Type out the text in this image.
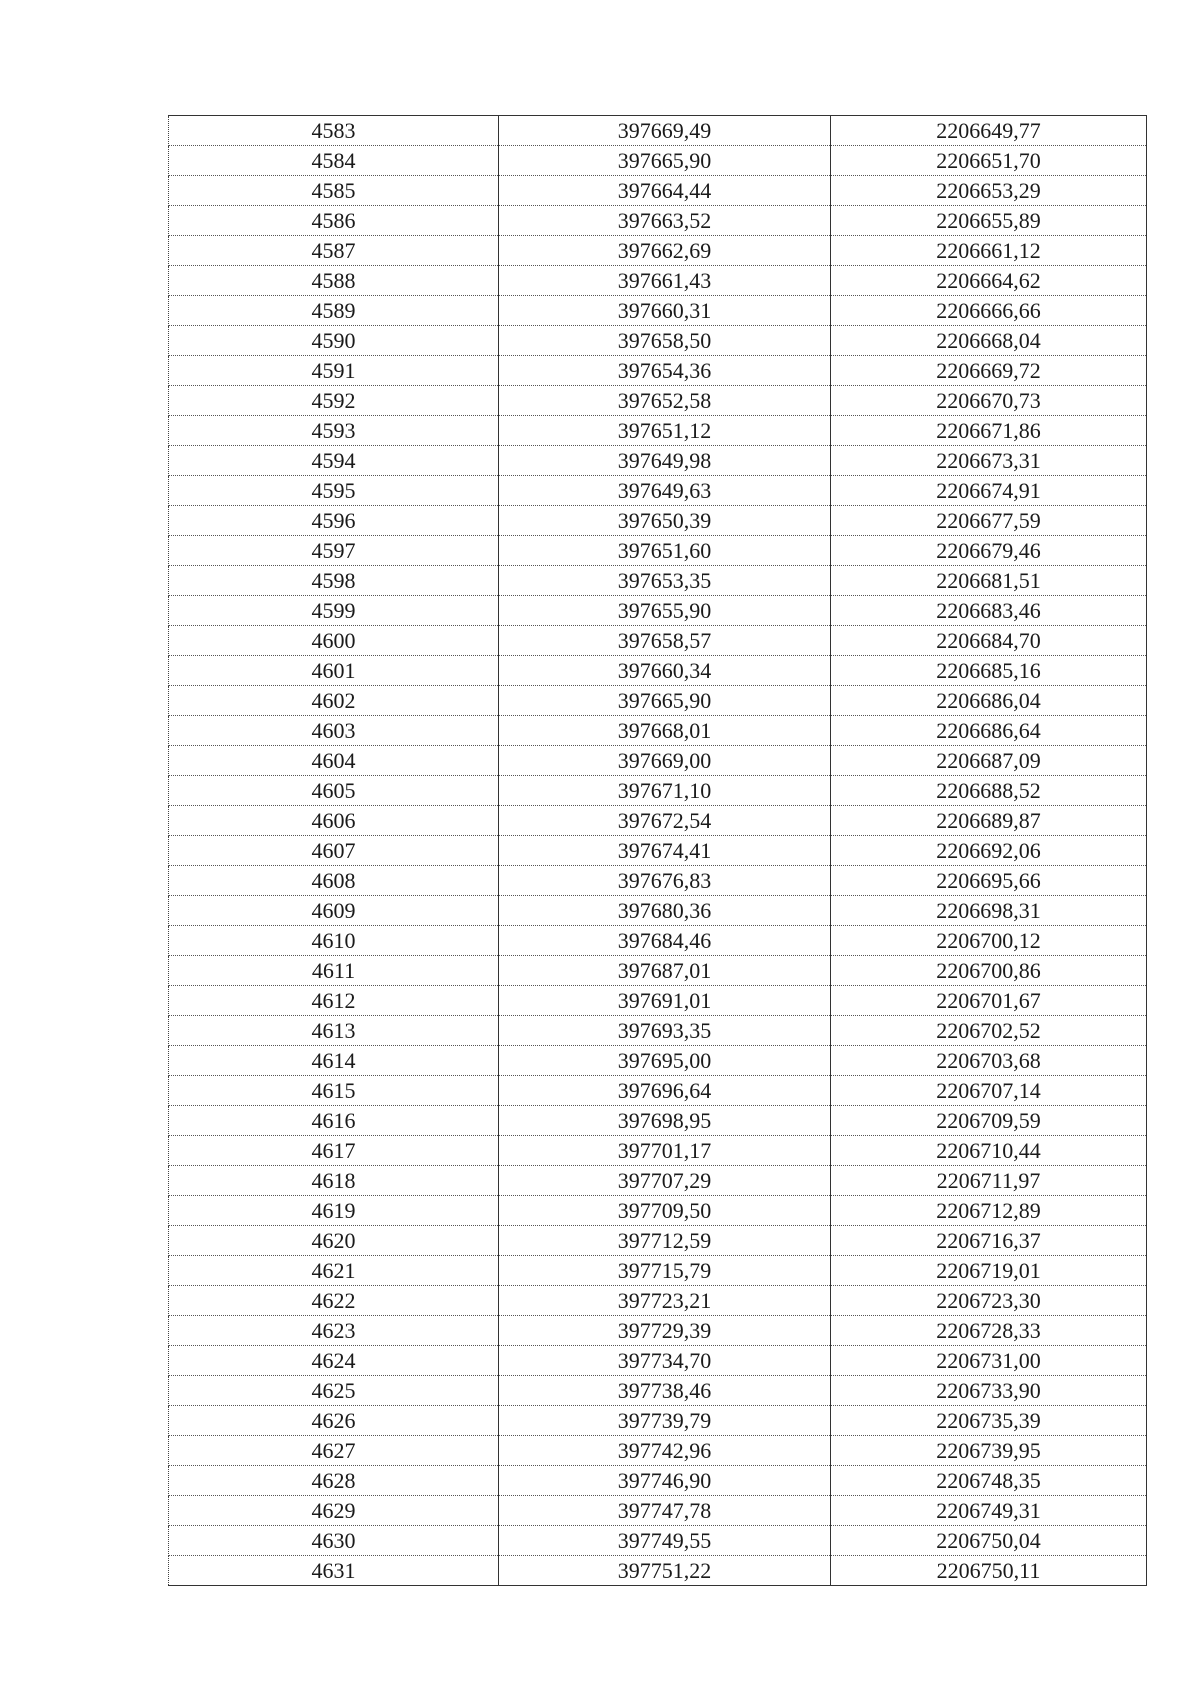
4583	397669,49	2206649,77
4584	397665,90	2206651,70
4585	397664,44	2206653,29
4586	397663,52	2206655,89
4587	397662,69	2206661,12
4588	397661,43	2206664,62
4589	397660,31	2206666,66
4590	397658,50	2206668,04
4591	397654,36	2206669,72
4592	397652,58	2206670,73
4593	397651,12	2206671,86
4594	397649,98	2206673,31
4595	397649,63	2206674,91
4596	397650,39	2206677,59
4597	397651,60	2206679,46
4598	397653,35	2206681,51
4599	397655,90	2206683,46
4600	397658,57	2206684,70
4601	397660,34	2206685,16
4602	397665,90	2206686,04
4603	397668,01	2206686,64
4604	397669,00	2206687,09
4605	397671,10	2206688,52
4606	397672,54	2206689,87
4607	397674,41	2206692,06
4608	397676,83	2206695,66
4609	397680,36	2206698,31
4610	397684,46	2206700,12
4611	397687,01	2206700,86
4612	397691,01	2206701,67
4613	397693,35	2206702,52
4614	397695,00	2206703,68
4615	397696,64	2206707,14
4616	397698,95	2206709,59
4617	397701,17	2206710,44
4618	397707,29	2206711,97
4619	397709,50	2206712,89
4620	397712,59	2206716,37
4621	397715,79	2206719,01
4622	397723,21	2206723,30
4623	397729,39	2206728,33
4624	397734,70	2206731,00
4625	397738,46	2206733,90
4626	397739,79	2206735,39
4627	397742,96	2206739,95
4628	397746,90	2206748,35
4629	397747,78	2206749,31
4630	397749,55	2206750,04
4631	397751,22	2206750,11
